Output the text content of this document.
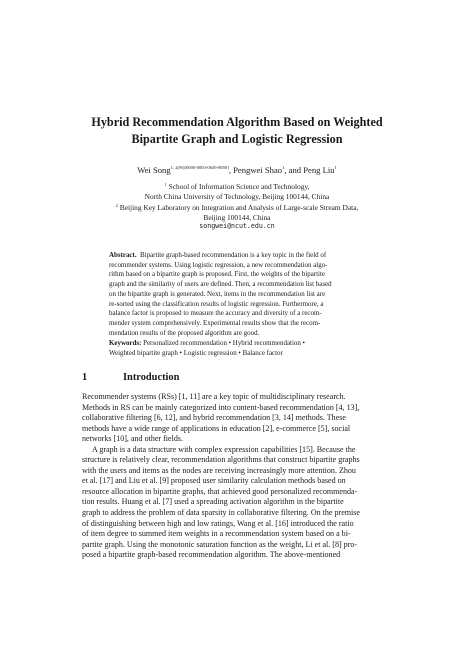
Hybrid Recommendation Algorithm Based on Weighted
Bipartite Graph and Logistic Regression
Wei Song$^{1, 2(✉)[0000-0003-0649-8850]}$, Pengwei Shao$^1$, and Peng Liu$^1$
$^1$ School of Information Science and Technology,
North China University of Technology, Beijing 100144, China
$^2$ Beijing Key Laboratory on Integration and Analysis of Large-scale Stream Data,
Beijing 100144, China
songwei@ncut.edu.cn
Abstract. Bipartite graph-based recommendation is a key topic in the field of
recommender systems. Using logistic regression, a new recommendation algo-
rithm based on a bipartite graph is proposed. First, the weights of the bipartite
graph and the similarity of users are defined. Then, a recommendation list based
on the bipartite graph is generated. Next, items in the recommendation list are
re-sorted using the classification results of logistic regression. Furthermore, a
balance factor is proposed to measure the accuracy and diversity of a recom-
mender system comprehensively. Experimental results show that the recom-
mendation results of the proposed algorithm are good.
Keywords: Personalized recommendation • Hybrid recommendation •
Weighted bipartite graph • Logistic regression • Balance factor
1	Introduction
Recommender systems (RSs) [1, 11] are a key topic of multidisciplinary research.
Methods in RS can be mainly categorized into content-based recommendation [4, 13],
collaborative filtering [6, 12], and hybrid recommendation [3, 14] methods. These
methods have a wide range of applications in education [2], e-commerce [5], social
networks [10], and other fields.
A graph is a data structure with complex expression capabilities [15]. Because the
structure is relatively clear, recommendation algorithms that construct bipartite graphs
with the users and items as the nodes are receiving increasingly more attention. Zhou
et al. [17] and Liu et al. [9] proposed user similarity calculation methods based on
resource allocation in bipartite graphs, that achieved good personalized recommenda-
tion results. Huang et al. [7] used a spreading activation algorithm in the bipartite
graph to address the problem of data sparsity in collaborative filtering. On the premise
of distinguishing between high and low ratings, Wang et al. [16] introduced the ratio
of item degree to summed item weights in a recommendation system based on a bi-
partite graph. Using the monotonic saturation function as the weight, Li et al. [8] pro-
posed a bipartite graph-based recommendation algorithm. The above-mentioned
